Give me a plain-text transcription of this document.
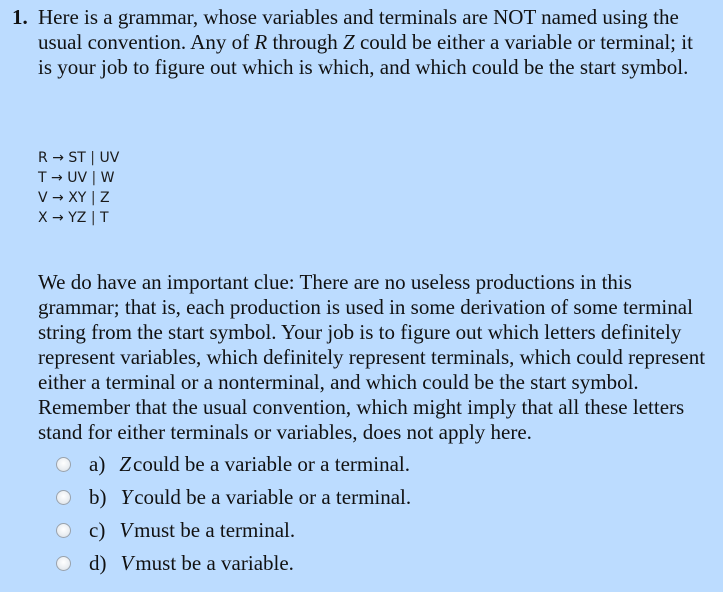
1. Here is a grammar, whose variables and terminals are NOT named using the usual convention. Any of R through Z could be either a variable or terminal; it is your job to figure out which is which, and which could be the start symbol.
R → ST | UV
T → UV | W
V → XY | Z
X → YZ | T
We do have an important clue: There are no useless productions in this grammar; that is, each production is used in some derivation of some terminal string from the start symbol. Your job is to figure out which letters definitely represent variables, which definitely represent terminals, which could represent either a terminal or a nonterminal, and which could be the start symbol. Remember that the usual convention, which might imply that all these letters stand for either terminals or variables, does not apply here.
a) Z could be a variable or a terminal.
b) Y could be a variable or a terminal.
c) V must be a terminal.
d) V must be a variable.
